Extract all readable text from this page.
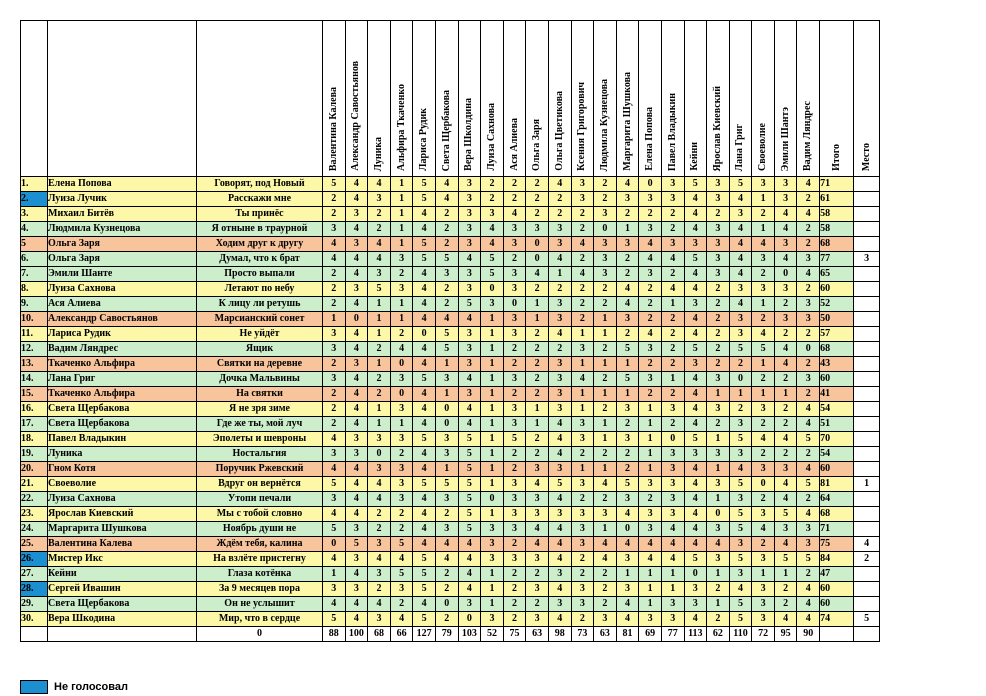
			Валентина Калева	Александр Савостьянов	Луника	Альфира Ткаченко	Лариса Рудик	Света Щербакова	Вера Школдина	Луиза Сахнова	Ася Алиева	Ольга Заря	Ольга Цветикова	Ксения Григорович	Людмила Кузнецова	Маргарита Шушкова	Елена Попова	Павел Владыкин	Кейни	Ярослав Киевский	Лана Григ	Своеволие	Эмили Шантэ	Вадим Ляндрес	Итого	Место
1.	Елена Попова	Говорят, под Новый	5	4	4	1	5	4	3	2	2	2	4	3	2	4	0	3	5	3	5	3	3	4	71	
2.	Луиза Лучик	Расскажи мне	2	4	3	1	5	4	3	2	2	2	2	3	2	3	3	3	4	3	4	1	3	2	61	
3.	Михаил Битёв	Ты принёс	2	3	2	1	4	2	3	3	4	2	2	2	3	2	2	2	4	2	3	2	4	4	58	
4.	Людмила Кузнецова	Я отныне в траурной	3	4	2	1	4	2	3	4	3	3	3	2	0	1	3	2	4	3	4	1	4	2	58	
5	Ольга Заря	Ходим друг к другу	4	3	4	1	5	2	3	4	3	0	3	4	3	3	4	3	3	3	4	4	3	2	68	
6.	Ольга Заря	Думал, что к брат	4	4	4	3	5	5	4	5	2	0	4	2	3	2	4	4	5	3	4	3	4	3	77	3
7.	Эмили Шанте	Просто выпали	2	4	3	2	4	3	3	5	3	4	1	4	3	2	3	2	4	3	4	2	0	4	65	
8.	Луиза Сахнова	Летают по небу	2	3	5	3	4	2	3	0	3	2	2	2	2	4	2	4	4	2	3	3	3	2	60	
9.	Ася Алиева	К лицу ли ретушь	2	4	1	1	4	2	5	3	0	1	3	2	2	4	2	1	3	2	4	1	2	3	52	
10.	Александр Савостьянов	Марсианский сонет	1	0	1	1	4	4	4	1	3	1	3	2	1	3	2	2	4	2	3	2	3	3	50	
11.	Лариса Рудик	Не уйдёт	3	4	1	2	0	5	3	1	3	2	4	1	1	2	4	2	4	2	3	4	2	2	57	
12.	Вадим Ляндрес	Ящик	3	4	2	4	4	5	3	1	2	2	2	3	2	5	3	2	5	2	5	5	4	0	68	
13.	Ткаченко Альфира	Святки на деревне	2	3	1	0	4	1	3	1	2	2	3	1	1	1	2	2	3	2	2	1	4	2	43	
14.	Лана Григ	Дочка Мальвины	3	4	2	3	5	3	4	1	3	2	3	4	2	5	3	1	4	3	0	2	2	3	60	
15.	Ткаченко Альфира	На святки	2	4	2	0	4	1	3	1	2	2	3	1	1	1	2	2	4	1	1	1	1	2	41	
16.	Света Щербакова	Я не зря зиме	2	4	1	3	4	0	4	1	3	1	3	1	2	3	1	3	4	3	2	3	2	4	54	
17.	Света Щербакова	Где же ты, мой луч	2	4	1	1	4	0	4	1	3	1	4	3	1	2	1	2	4	2	3	2	2	4	51	
18.	Павел Владыкин	Эполеты и шевроны	4	3	3	3	5	3	5	1	5	2	4	3	1	3	1	0	5	1	5	4	4	5	70	
19.	Луника	Ностальгия	3	3	0	2	4	3	5	1	2	2	4	2	2	2	1	3	3	3	3	2	2	2	54	
20.	Гном Котя	Поручик Ржевский	4	4	3	3	4	1	5	1	2	3	3	1	1	2	1	3	4	1	4	3	3	4	60	
21.	Своеволие	Вдруг он вернётся	5	4	4	3	5	5	5	1	3	4	5	3	4	5	3	3	4	3	5	0	4	5	81	1
22.	Луиза Сахнова	Утопи печали	3	4	4	3	4	3	5	0	3	3	4	2	2	3	2	3	4	1	3	2	4	2	64	
23.	Ярослав Киевский	Мы с тобой словно	4	4	2	2	4	2	5	1	3	3	3	3	3	4	3	3	4	0	5	3	5	4	68	
24.	Маргарита Шушкова	Ноябрь души не	5	3	2	2	4	3	5	3	3	4	4	3	1	0	3	4	4	3	5	4	3	3	71	
25.	Валентина Калева	Ждём тебя, калина	0	5	3	5	4	4	4	3	2	4	4	3	4	4	4	4	4	4	3	2	4	3	75	4
26.	Мистер Икс	На взлёте пристегну	4	3	4	4	5	4	4	3	3	3	4	2	4	3	4	4	5	3	5	3	5	5	84	2
27.	Кейни	Глаза котёнка	1	4	3	5	5	2	4	1	2	2	3	2	2	1	1	1	0	1	3	1	1	2	47	
28.	Сергей Ивашин	За 9 месяцев пора	3	3	2	3	5	2	4	1	2	3	4	3	2	3	1	1	3	2	4	3	2	4	60	
29.	Света Щербакова	Он не услышит	4	4	4	2	4	0	3	1	2	2	3	3	2	4	1	3	3	1	5	3	2	4	60	
30.	Вера Шкодина	Мир, что в сердце	5	4	3	4	5	2	0	3	2	3	4	2	3	4	3	3	4	2	5	3	4	4	74	5
		0	88	100	68	66	127	79	103	52	75	63	98	73	63	81	69	77	113	62	110	72	95	90		
Не голосовал
